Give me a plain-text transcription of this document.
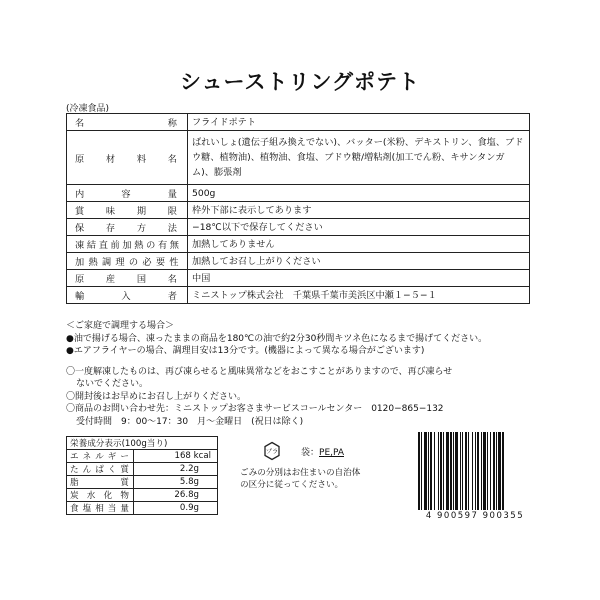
シューストリングポテト
(冷凍食品)
名称	フライドポテト
原材料名	ばれいしょ(遺伝子組み換えでない)、バッター(米粉、デキストリン、食塩、ブドウ糖、植物油)、植物油、食塩、ブドウ糖/増粘剤(加工でん粉、キサンタンガム)、膨張剤
内容量	500g
賞味期限	枠外下部に表示してあります
保存方法	−18℃以下で保存してください
凍結直前加熱の有無	加熱してありません
加熱調理の必要性	加熱してお召し上がりください
原産国名	中国
輸入者	ミニストップ株式会社　千葉県千葉市美浜区中瀬１−５−１

＜ご家庭で調理する場合＞

●油で揚げる場合、凍ったままの商品を180℃の油で約2分30秒間キツネ色になるまで揚げてください。

●エアフライヤーの場合、調理目安は13分です。(機器によって異なる場合がございます)

〇一度解凍したものは、再び凍らせると風味異常などをおこすことがありますので、再び凍らせ

ないでください。

〇開封後はお早めにお召し上がりください。

〇商品のお問い合わせ先：ミニストップお客さまサービスコールセンター　0120−865−132

受付時間　9：00〜17：30　月〜金曜日　(祝日は除く)

栄養成分表示(100g当り)	
エネルギー	168 kcal
たんぱく質	2.2g
脂質	5.8g
炭水化物	26.8g
食塩相当量	0.9g
プラ	袋：PE,PA
ごみの分別はお住まいの自治体
の区分に従ってください。
4 900597 900355
